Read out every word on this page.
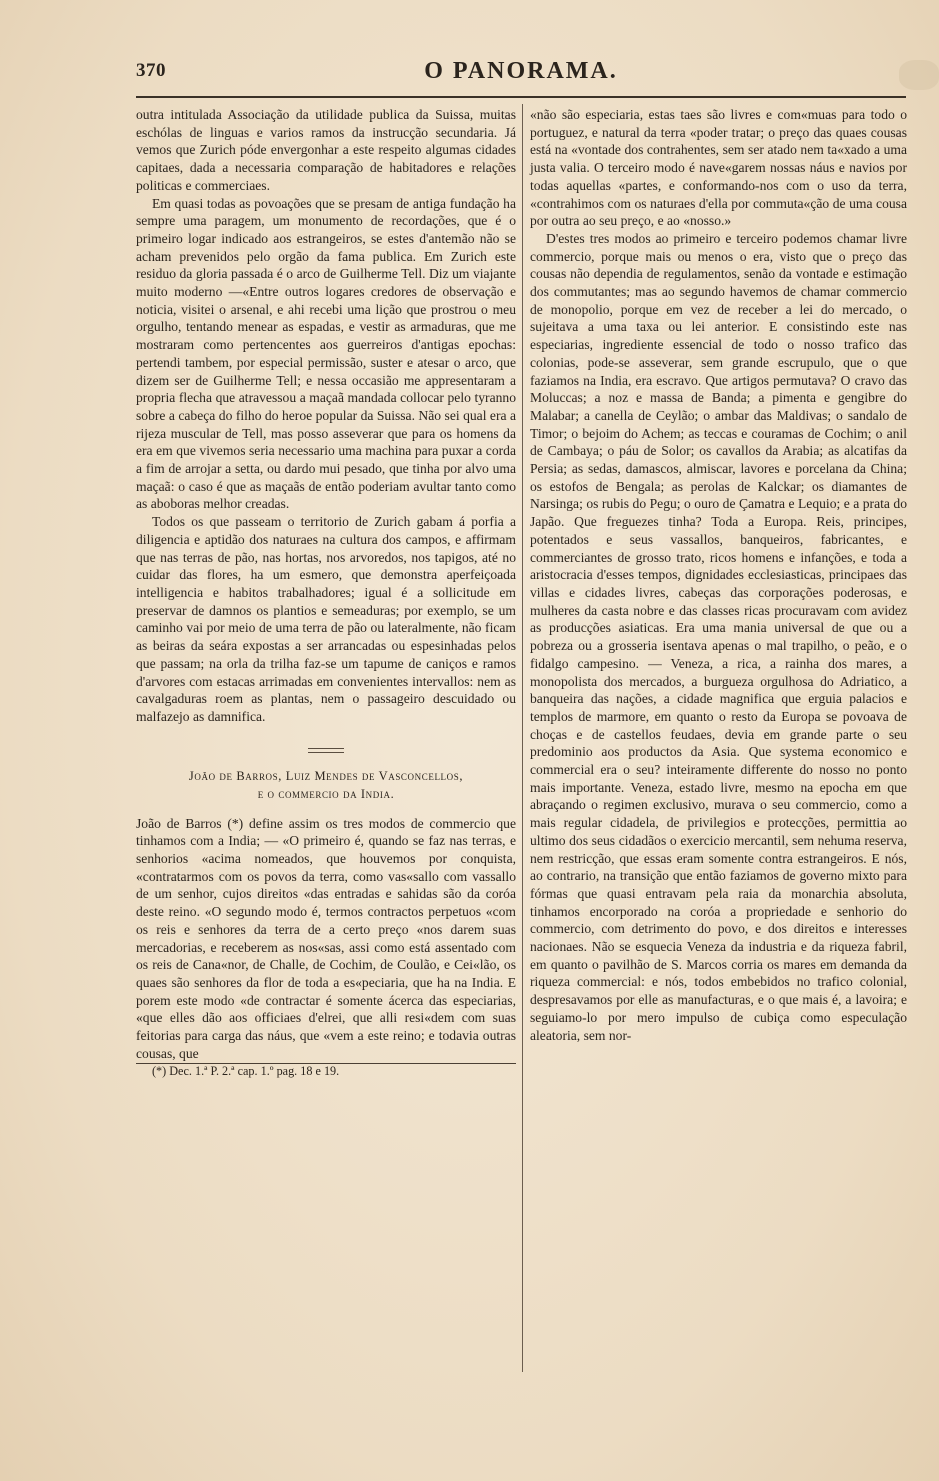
370	O PANORAMA.

outra intitulada Associação da utilidade publica da Suissa, muitas eschólas de linguas e varios ramos da instrucção secundaria. Já vemos que Zurich póde envergonhar a este respeito algumas cidades capitaes, dada a necessaria comparação de habitadores e relações politicas e commerciaes.

Em quasi todas as povoações que se presam de antiga fundação ha sempre uma paragem, um monumento de recordações, que é o primeiro logar indicado aos estrangeiros, se estes d'antemão não se acham prevenidos pelo orgão da fama publica. Em Zurich este residuo da gloria passada é o arco de Guilherme Tell. Diz um viajante muito moderno —«Entre outros logares credores de observação e noticia, visitei o arsenal, e ahi recebi uma lição que prostrou o meu orgulho, tentando menear as espadas, e vestir as armaduras, que me mostraram como pertencentes aos guerreiros d'antigas epochas: pertendi tambem, por especial permissão, suster e atesar o arco, que dizem ser de Guilherme Tell; e nessa occasião me appresentaram a propria flecha que atravessou a maçaã mandada collocar pelo tyranno sobre a cabeça do filho do heroe popular da Suissa. Não sei qual era a rijeza muscular de Tell, mas posso asseverar que para os homens da era em que vivemos seria necessario uma machina para puxar a corda a fim de arrojar a setta, ou dardo mui pesado, que tinha por alvo uma maçaã: o caso é que as maçaãs de então poderiam avultar tanto como as aboboras melhor creadas.

Todos os que passeam o territorio de Zurich gabam á porfia a diligencia e aptidão dos naturaes na cultura dos campos, e affirmam que nas terras de pão, nas hortas, nos arvoredos, nos tapigos, até no cuidar das flores, ha um esmero, que demonstra aperfeiçoada intelligencia e habitos trabalhadores; igual é a sollicitude em preservar de damnos os plantios e semeaduras; por exemplo, se um caminho vai por meio de uma terra de pão ou lateralmente, não ficam as beiras da seára expostas a ser arrancadas ou espesinhadas pelos que passam; na orla da trilha faz-se um tapume de caniços e ramos d'arvores com estacas arrimadas em convenientes intervallos: nem as cavalgaduras roem as plantas, nem o passageiro descuidado ou malfazejo as damnifica.

João de Barros, Luiz Mendes de Vasconcellos,
e o commercio da India.

João de Barros (*) define assim os tres modos de commercio que tinhamos com a India; — «O primeiro é, quando se faz nas terras, e senhorios «acima nomeados, que houvemos por conquista, «contratarmos com os povos da terra, como vas«sallo com vassallo de um senhor, cujos direitos «das entradas e sahidas são da coróa deste reino. «O segundo modo é, termos contractos perpetuos «com os reis e senhores da terra de a certo preço «nos darem suas mercadorias, e receberem as nos«sas, assi como está assentado com os reis de Cana«nor, de Challe, de Cochim, de Coulão, e Cei«lão, os quaes são senhores da flor de toda a es«peciaria, que ha na India. E porem este modo «de contractar é somente ácerca das especiarias, «que elles dão aos officiaes d'elrei, que alli resi«dem com suas feitorias para carga das náus, que «vem a este reino; e todavia outras cousas, que

(*) Dec. 1.ª P. 2.ª cap. 1.º pag. 18 e 19.

«não são especiaria, estas taes são livres e com«muas para todo o portuguez, e natural da terra «poder tratar; o preço das quaes cousas está na «vontade dos contrahentes, sem ser atado nem ta«xado a uma justa valia. O terceiro modo é nave«garem nossas náus e navios por todas aquellas «partes, e conformando-nos com o uso da terra, «contrahimos com os naturaes d'ella por commuta«ção de uma cousa por outra ao seu preço, e ao «nosso.»

D'estes tres modos ao primeiro e terceiro podemos chamar livre commercio, porque mais ou menos o era, visto que o preço das cousas não dependia de regulamentos, senão da vontade e estimação dos commutantes; mas ao segundo havemos de chamar commercio de monopolio, porque em vez de receber a lei do mercado, o sujeitava a uma taxa ou lei anterior. E consistindo este nas especiarias, ingrediente essencial de todo o nosso trafico das colonias, pode-se asseverar, sem grande escrupulo, que o que faziamos na India, era escravo. Que artigos permutava? O cravo das Moluccas; a noz e massa de Banda; a pimenta e gengibre do Malabar; a canella de Ceylão; o ambar das Maldivas; o sandalo de Timor; o bejoim do Achem; as teccas e couramas de Cochim; o anil de Cambaya; o páu de Solor; os cavallos da Arabia; as alcatifas da Persia; as sedas, damascos, almiscar, lavores e porcelana da China; os estofos de Bengala; as perolas de Kalckar; os diamantes de Narsinga; os rubis do Pegu; o ouro de Çamatra e Lequio; e a prata do Japão. Que freguezes tinha? Toda a Europa. Reis, principes, potentados e seus vassallos, banqueiros, fabricantes, e commerciantes de grosso trato, ricos homens e infanções, e toda a aristocracia d'esses tempos, dignidades ecclesiasticas, principaes das villas e cidades livres, cabeças das corporações poderosas, e mulheres da casta nobre e das classes ricas procuravam com avidez as producções asiaticas. Era uma mania universal de que ou a pobreza ou a grosseria isentava apenas o mal trapilho, o peão, e o fidalgo campesino. — Veneza, a rica, a rainha dos mares, a monopolista dos mercados, a burgueza orgulhosa do Adriatico, a banqueira das nações, a cidade magnifica que erguia palacios e templos de marmore, em quanto o resto da Europa se povoava de choças e de castellos feudaes, devia em grande parte o seu predominio aos productos da Asia. Que systema economico e commercial era o seu? inteiramente differente do nosso no ponto mais importante. Veneza, estado livre, mesmo na epocha em que abraçando o regimen exclusivo, murava o seu commercio, como a mais regular cidadela, de privilegios e protecções, permittia ao ultimo dos seus cidadãos o exercicio mercantil, sem nehuma reserva, nem restricção, que essas eram somente contra estrangeiros. E nós, ao contrario, na transição que então faziamos de governo mixto para fórmas que quasi entravam pela raia da monarchia absoluta, tinhamos encorporado na coróa a propriedade e senhorio do commercio, com detrimento do povo, e dos direitos e interesses nacionaes. Não se esquecia Veneza da industria e da riqueza fabril, em quanto o pavilhão de S. Marcos corria os mares em demanda da riqueza commercial: e nós, todos embebidos no trafico colonial, despresavamos por elle as manufacturas, e o que mais é, a lavoira; e seguiamo-lo por mero impulso de cubiça como especulação aleatoria, sem nor-
